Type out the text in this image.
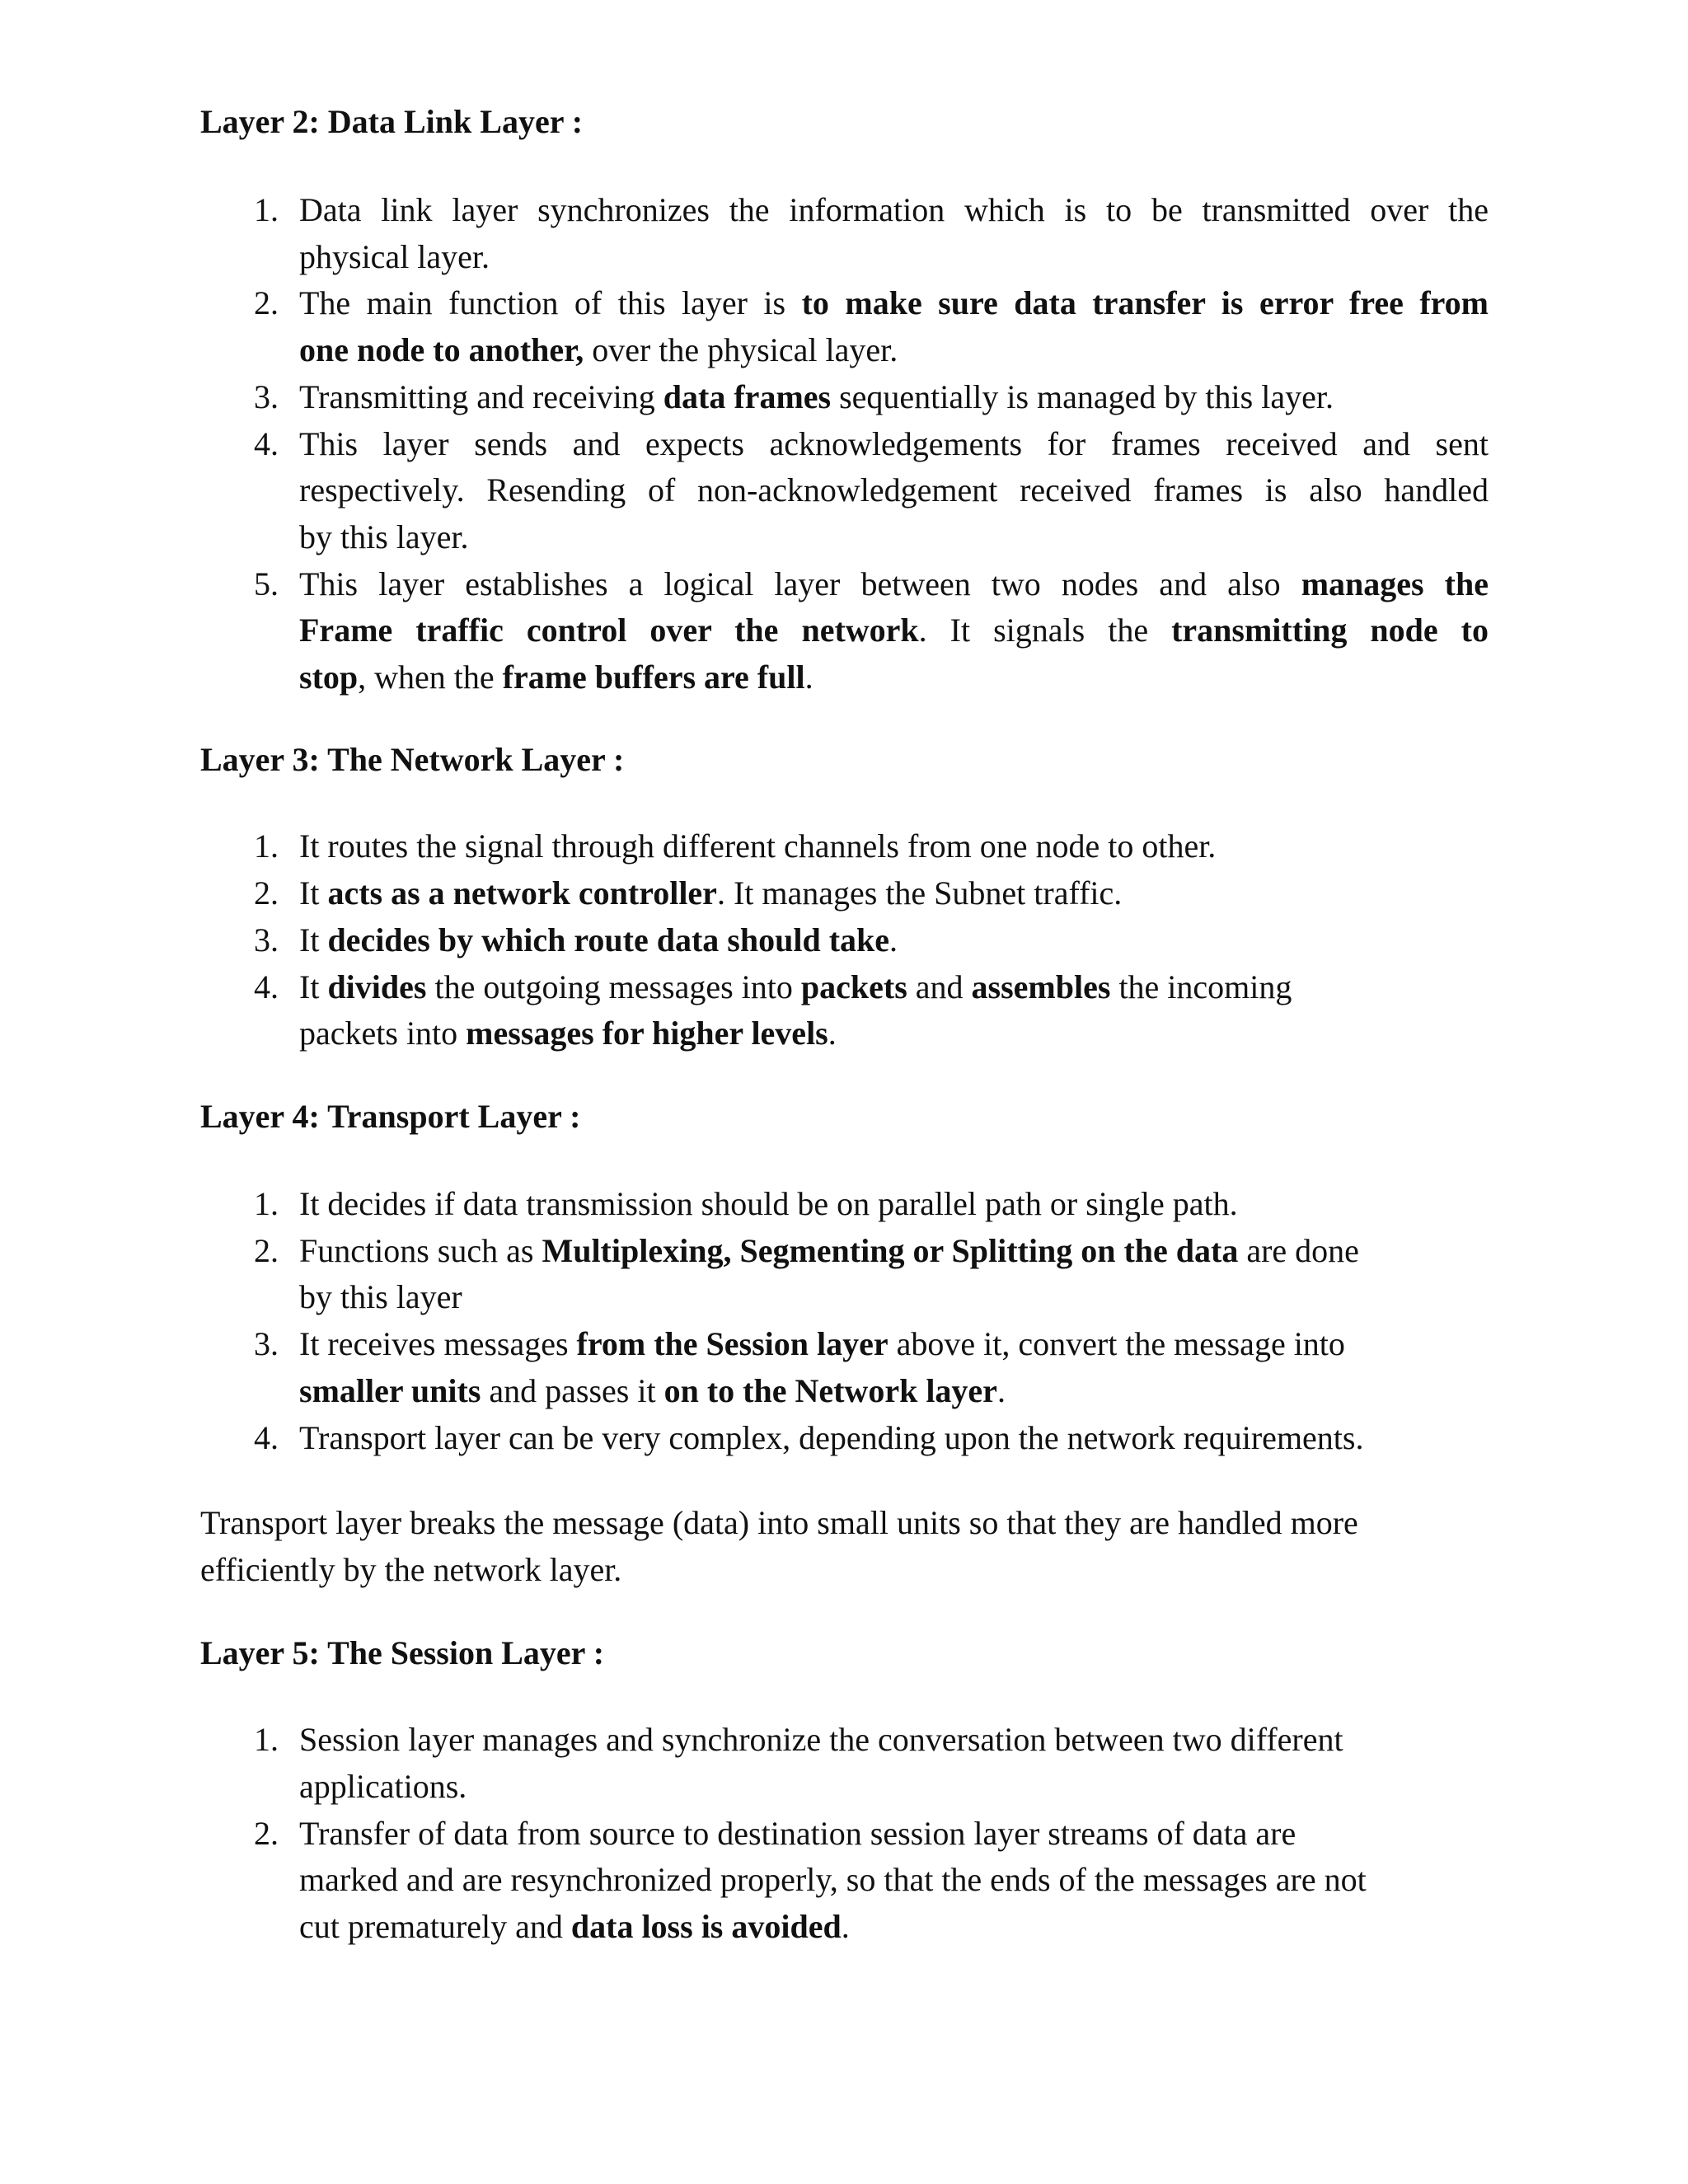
Layer 2: Data Link Layer :
1. Data link layer synchronizes the information which is to be transmitted over the
physical layer.
2. The main function of this layer is to make sure data transfer is error free from
one node to another, over the physical layer.
3. Transmitting and receiving data frames sequentially is managed by this layer.
4. This layer sends and expects acknowledgements for frames received and sent
respectively. Resending of non-acknowledgement received frames is also handled
by this layer.
5. This layer establishes a logical layer between two nodes and also manages the
Frame traffic control over the network. It signals the transmitting node to
stop, when the frame buffers are full.
Layer 3: The Network Layer :
1. It routes the signal through different channels from one node to other.
2. It acts as a network controller. It manages the Subnet traffic.
3. It decides by which route data should take.
4. It divides the outgoing messages into packets and assembles the incoming
packets into messages for higher levels.
Layer 4: Transport Layer :
1. It decides if data transmission should be on parallel path or single path.
2. Functions such as Multiplexing, Segmenting or Splitting on the data are done
by this layer
3. It receives messages from the Session layer above it, convert the message into
smaller units and passes it on to the Network layer.
4. Transport layer can be very complex, depending upon the network requirements.
Layer 5: The Session Layer :
1. Session layer manages and synchronize the conversation between two different
applications.
2. Transfer of data from source to destination session layer streams of data are
marked and are resynchronized properly, so that the ends of the messages are not
cut prematurely and data loss is avoided.
Transport layer breaks the message (data) into small units so that they are handled more
efficiently by the network layer.
